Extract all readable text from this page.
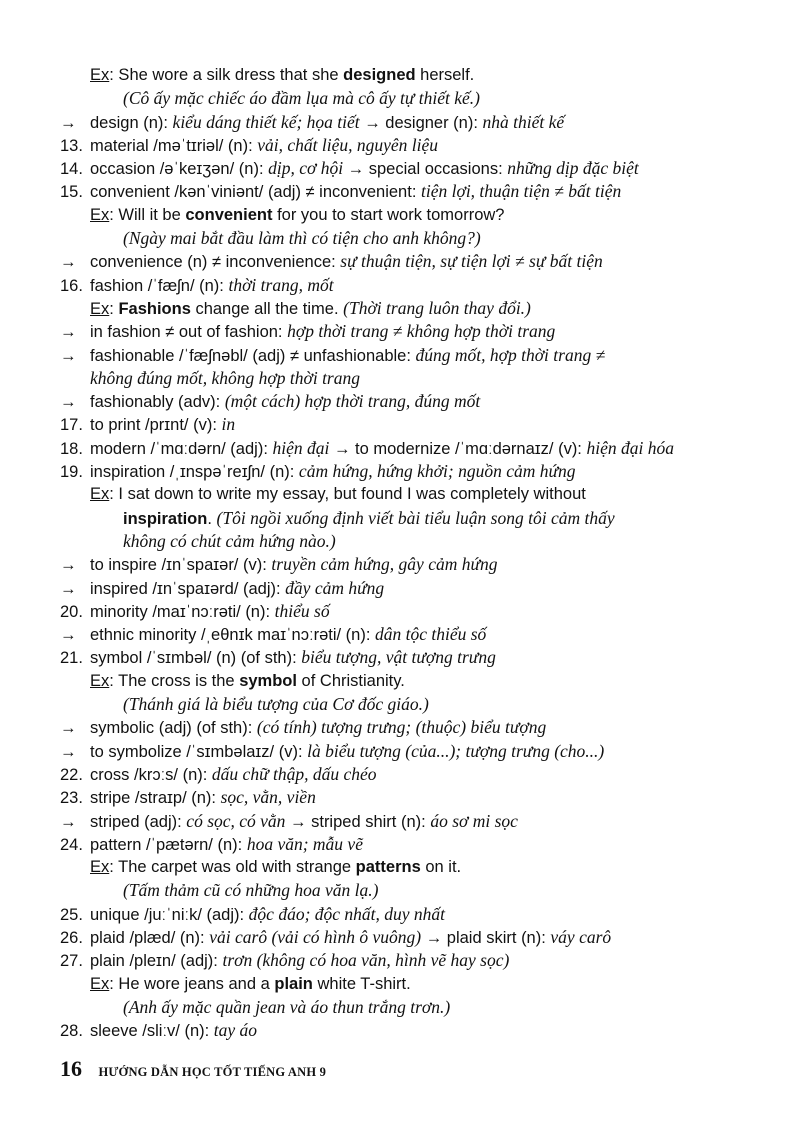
Ex: She wore a silk dress that she designed herself.
(Cô ấy mặc chiếc áo đầm lụa mà cô ấy tự thiết kế.)
→ design (n): kiểu dáng thiết kế; họa tiết → designer (n): nhà thiết kế
13. material /məˈtɪriəl/ (n): vải, chất liệu, nguyên liệu
14. occasion /əˈkeɪʒən/ (n): dịp, cơ hội → special occasions: những dịp đặc biệt
15. convenient /kənˈviniənt/ (adj) ≠ inconvenient: tiện lợi, thuận tiện ≠ bất tiện
Ex: Will it be convenient for you to start work tomorrow?
(Ngày mai bắt đầu làm thì có tiện cho anh không?)
→ convenience (n) ≠ inconvenience: sự thuận tiện, sự tiện lợi ≠ sự bất tiện
16. fashion /ˈfæʃn/ (n): thời trang, mốt
Ex: Fashions change all the time. (Thời trang luôn thay đổi.)
→ in fashion ≠ out of fashion: hợp thời trang ≠ không hợp thời trang
→ fashionable /ˈfæʃnəbl/ (adj) ≠ unfashionable: đúng mốt, hợp thời trang ≠
không đúng mốt, không hợp thời trang
→ fashionably (adv): (một cách) hợp thời trang, đúng mốt
17. to print /prɪnt/ (v): in
18. modern /ˈmɑːdərn/ (adj): hiện đại → to modernize /ˈmɑːdərnaɪz/ (v): hiện đại hóa
19. inspiration /ˌɪnspəˈreɪʃn/ (n): cảm hứng, hứng khởi; nguồn cảm hứng
Ex: I sat down to write my essay, but found I was completely without
inspiration. (Tôi ngồi xuống định viết bài tiểu luận song tôi cảm thấy
không có chút cảm hứng nào.)
→ to inspire /ɪnˈspaɪər/ (v): truyền cảm hứng, gây cảm hứng
→ inspired /ɪnˈspaɪərd/ (adj): đầy cảm hứng
20. minority /maɪˈnɔːrəti/ (n): thiểu số
→ ethnic minority /ˌeθnɪk maɪˈnɔːrəti/ (n): dân tộc thiểu số
21. symbol /ˈsɪmbəl/ (n) (of sth): biểu tượng, vật tượng trưng
Ex: The cross is the symbol of Christianity.
(Thánh giá là biểu tượng của Cơ đốc giáo.)
→ symbolic (adj) (of sth): (có tính) tượng trưng; (thuộc) biểu tượng
→ to symbolize /ˈsɪmbəlaɪz/ (v): là biểu tượng (của...); tượng trưng (cho...)
22. cross /krɔːs/ (n): dấu chữ thập, dấu chéo
23. stripe /straɪp/ (n): sọc, vằn, viền
→ striped (adj): có sọc, có vằn → striped shirt (n): áo sơ mi sọc
24. pattern /ˈpætərn/ (n): hoa văn; mẫu vẽ
Ex: The carpet was old with strange patterns on it.
(Tấm thảm cũ có những hoa văn lạ.)
25. unique /juːˈniːk/ (adj): độc đáo; độc nhất, duy nhất
26. plaid /plæd/ (n): vải carô (vải có hình ô vuông) → plaid skirt (n): váy carô
27. plain /pleɪn/ (adj): trơn (không có hoa văn, hình vẽ hay sọc)
Ex: He wore jeans and a plain white T-shirt.
(Anh ấy mặc quần jean và áo thun trắng trơn.)
28. sleeve /sliːv/ (n): tay áo
16 HƯỚNG DẪN HỌC TỐT TIẾNG ANH 9
